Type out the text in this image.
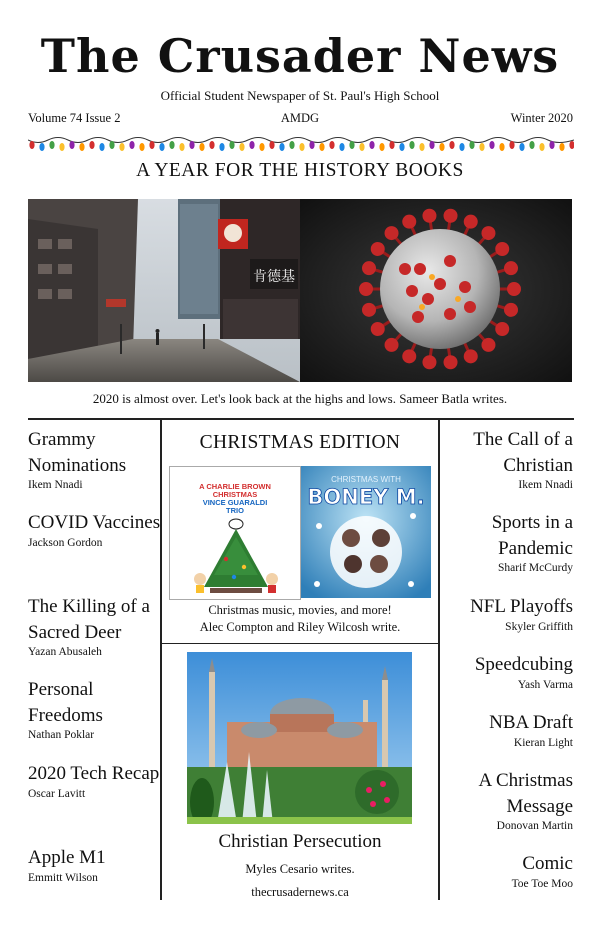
The Crusader News
Official Student Newspaper of St. Paul's High School
Volume 74 Issue 2	AMDG	Winter 2020
A YEAR FOR THE HISTORY BOOKS
肯德基
2020 is almost over. Let's look back at the highs and lows. Sameer Batla writes.
Grammy Nominations
Ikem Nnadi
COVID Vaccines
Jackson Gordon
The Killing of a Sacred Deer
Yazan Abusaleh
Personal Freedoms
Nathan Poklar
2020 Tech Recap
Oscar Lavitt
Apple M1
Emmitt Wilson
The Call of a Christian
Ikem Nnadi
Sports in a Pandemic
Sharif McCurdy
NFL Playoffs
Skyler Griffith
Speedcubing
Yash Varma
NBA Draft
Kieran Light
A Christmas Message
Donovan Martin
Comic
Toe Toe Moo
CHRISTMAS EDITION
A CHARLIE BROWN
CHRISTMAS
VINCE GUARALDI
TRIO
CHRISTMAS WITH
BONEY M.
Christmas music, movies, and more!
Alec Compton and Riley Wilcosh write.
Christian Persecution
Myles Cesario writes.
thecrusadernews.ca
